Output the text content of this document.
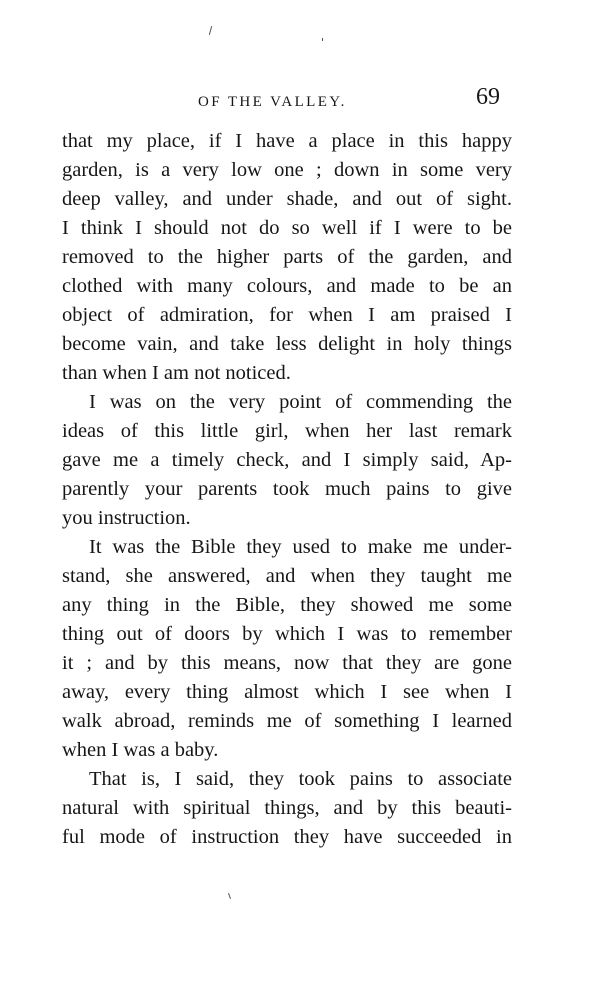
OF THE VALLEY.	69
that my place, if I have a place in this happy
garden, is a very low one ; down in some very
deep valley, and under shade, and out of sight.
I think I should not do so well if I were to be
removed to the higher parts of the garden, and
clothed with many colours, and made to be an
object of admiration, for when I am praised I
become vain, and take less delight in holy things
than when I am not noticed.
I was on the very point of commending the
ideas of this little girl, when her last remark
gave me a timely check, and I simply said, Ap-
parently your parents took much pains to give
you instruction.
It was the Bible they used to make me under-
stand, she answered, and when they taught me
any thing in the Bible, they showed me some
thing out of doors by which I was to remember
it ; and by this means, now that they are gone
away, every thing almost which I see when I
walk abroad, reminds me of something I learned
when I was a baby.
That is, I said, they took pains to associate
natural with spiritual things, and by this beauti-
ful mode of instruction they have succeeded in
